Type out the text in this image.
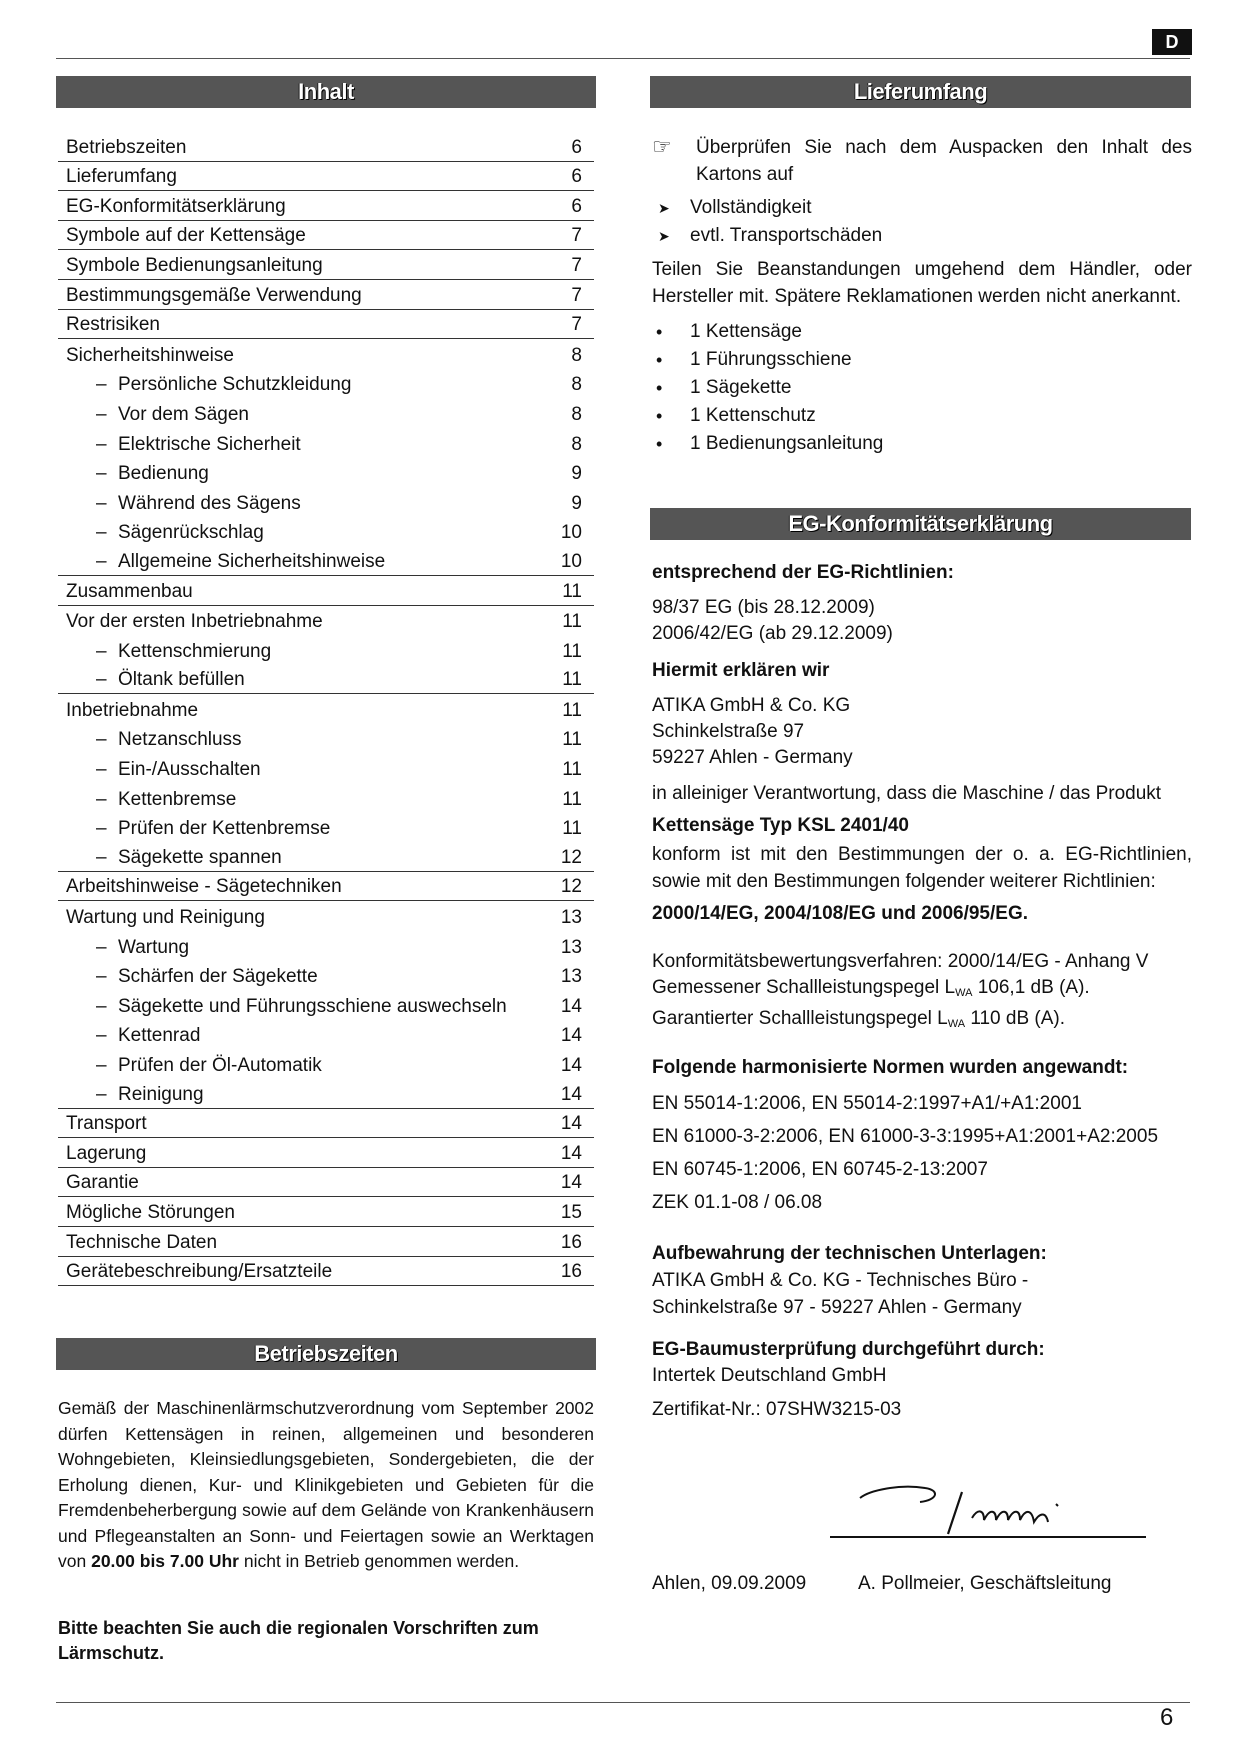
D
Inhalt
Betriebszeiten	6
Lieferumfang	6
EG-Konformitätserklärung	6
Symbole auf der Kettensäge	7
Symbole Bedienungsanleitung	7
Bestimmungsgemäße Verwendung	7
Restrisiken	7
Sicherheitshinweise	8
– Persönliche Schutzkleidung	8
– Vor dem Sägen	8
– Elektrische Sicherheit	8
– Bedienung	9
– Während des Sägens	9
– Sägenrückschlag	10
– Allgemeine Sicherheitshinweise	10
Zusammenbau	11
Vor der ersten Inbetriebnahme	11
– Kettenschmierung	11
– Öltank befüllen	11
Inbetriebnahme	11
– Netzanschluss	11
– Ein-/Ausschalten	11
– Kettenbremse	11
– Prüfen der Kettenbremse	11
– Sägekette spannen	12
Arbeitshinweise - Sägetechniken	12
Wartung und Reinigung	13
– Wartung	13
– Schärfen der Sägekette	13
– Sägekette und Führungsschiene auswechseln	14
– Kettenrad	14
– Prüfen der Öl-Automatik	14
– Reinigung	14
Transport	14
Lagerung	14
Garantie	14
Mögliche Störungen	15
Technische Daten	16
Gerätebeschreibung/Ersatzteile	16
Betriebszeiten
Gemäß der Maschinenlärmschutzverordnung vom September 2002 dürfen Kettensägen in reinen, allgemeinen und besonderen Wohngebieten, Kleinsiedlungsgebieten, Sondergebieten, die der Erholung dienen, Kur- und Klinikgebieten und Gebieten für die Fremdenbeherbergung sowie auf dem Gelände von Krankenhäusern und Pflegeanstalten an Sonn- und Feiertagen sowie an Werktagen von 20.00 bis 7.00 Uhr nicht in Betrieb genommen werden.
Bitte beachten Sie auch die regionalen Vorschriften zum Lärmschutz.
Lieferumfang
☞	Überprüfen Sie nach dem Auspacken den Inhalt des Kartons auf
➤	Vollständigkeit
➤	evtl. Transportschäden
Teilen Sie Beanstandungen umgehend dem Händler, oder Hersteller mit. Spätere Reklamationen werden nicht anerkannt.
•	1 Kettensäge
•	1 Führungsschiene
•	1 Sägekette
•	1 Kettenschutz
•	1 Bedienungsanleitung
EG-Konformitätserklärung
entsprechend der EG-Richtlinien:
98/37 EG (bis 28.12.2009)
2006/42/EG (ab 29.12.2009)
Hiermit erklären wir
ATIKA GmbH & Co. KG
Schinkelstraße 97
59227 Ahlen - Germany
in alleiniger Verantwortung, dass die Maschine / das Produkt
Kettensäge Typ KSL 2401/40
konform ist mit den Bestimmungen der o. a. EG-Richtlinien, sowie mit den Bestimmungen folgender weiterer Richtlinien:
2000/14/EG, 2004/108/EG und 2006/95/EG.
Konformitätsbewertungsverfahren: 2000/14/EG - Anhang V
Gemessener Schallleistungspegel $L_{WA}$ 106,1 dB (A).
Garantierter Schallleistungspegel $L_{WA}$ 110 dB (A).
Folgende harmonisierte Normen wurden angewandt:
EN 55014-1:2006, EN 55014-2:1997+A1/+A1:2001
EN 61000-3-2:2006, EN 61000-3-3:1995+A1:2001+A2:2005
EN 60745-1:2006, EN 60745-2-13:2007
ZEK 01.1-08 / 06.08
Aufbewahrung der technischen Unterlagen:
ATIKA GmbH & Co. KG - Technisches Büro -
Schinkelstraße 97 - 59227 Ahlen - Germany
EG-Baumusterprüfung durchgeführt durch:
Intertek Deutschland GmbH
Zertifikat-Nr.: 07SHW3215-03
Ahlen, 09.09.2009	A. Pollmeier, Geschäftsleitung
6
